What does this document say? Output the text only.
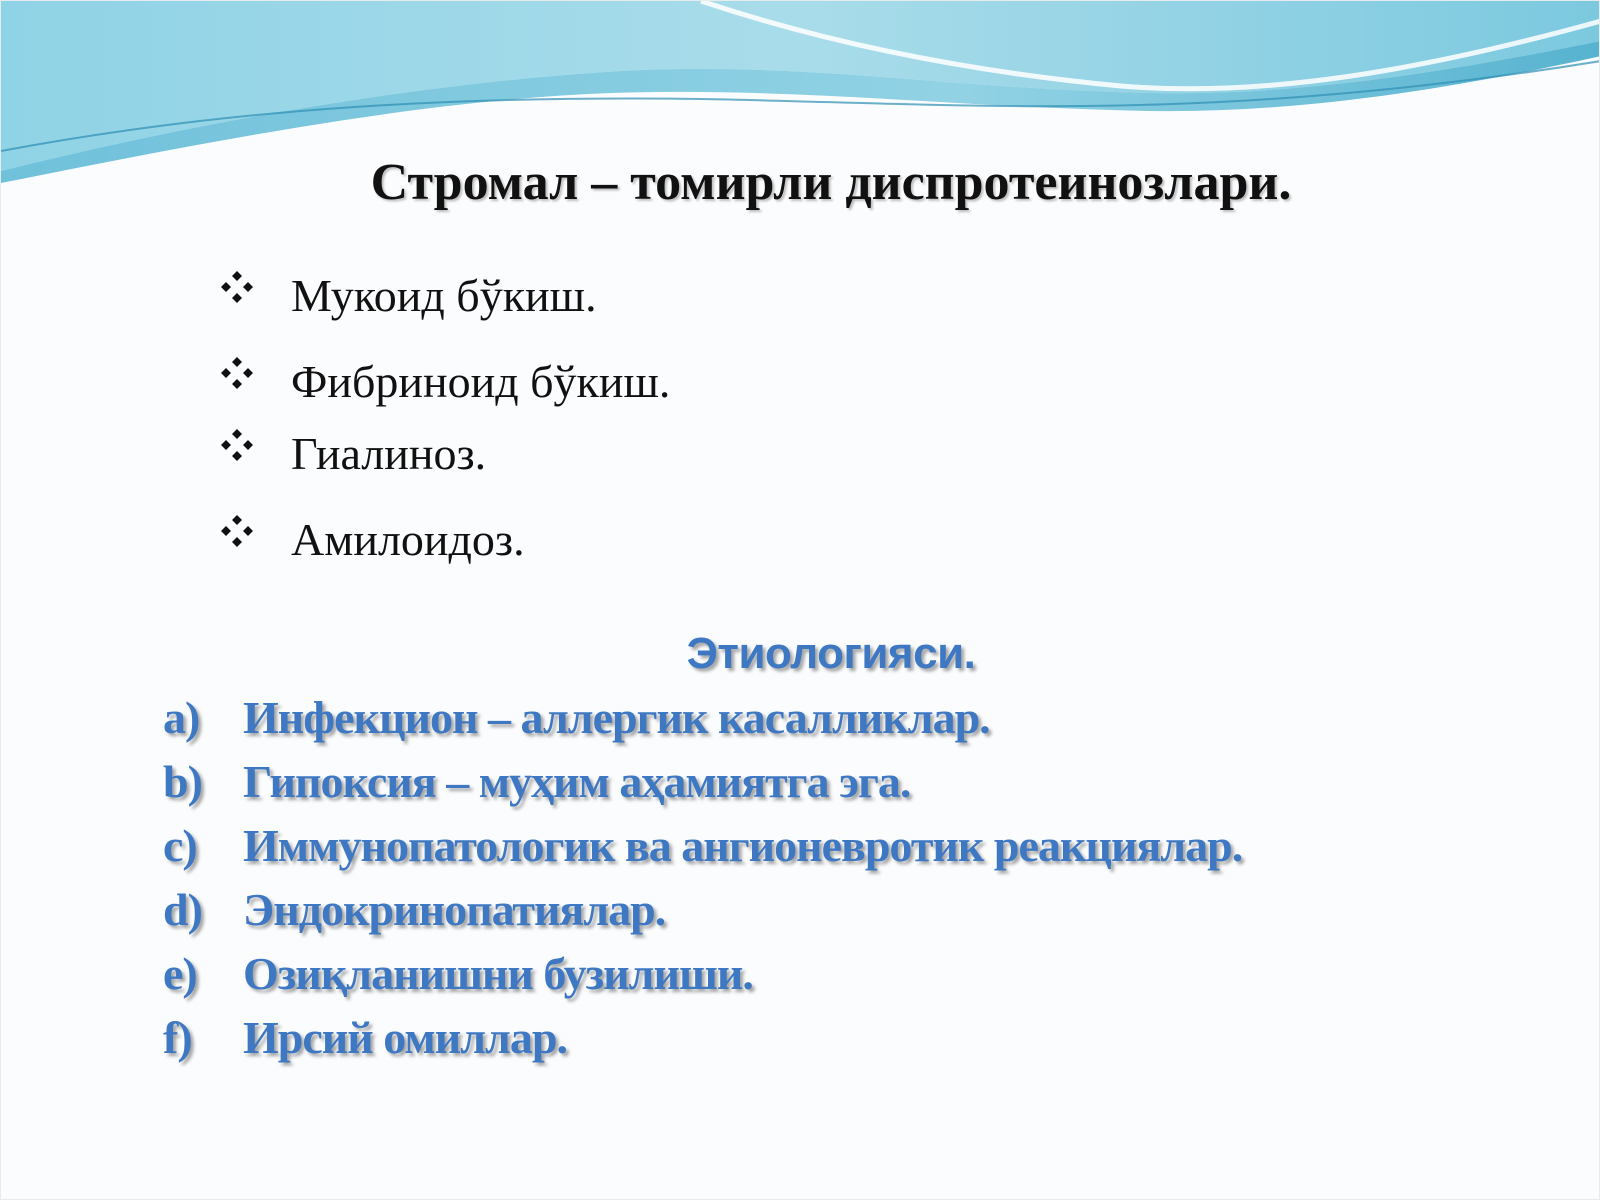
Стромал – томирли диспротеинозлари.
Мукоид бўкиш.
Фибриноид бўкиш.
Гиалиноз.
Амилоидоз.
Этиологияси.
a) Инфекцион – аллергик касалликлар.
b) Гипоксия – муҳим аҳамиятга эга.
c) Иммунопатологик ва ангионевротик реакциялар.
d) Эндокринопатиялар.
e) Озиқланишни бузилиши.
f) Ирсий омиллар.
